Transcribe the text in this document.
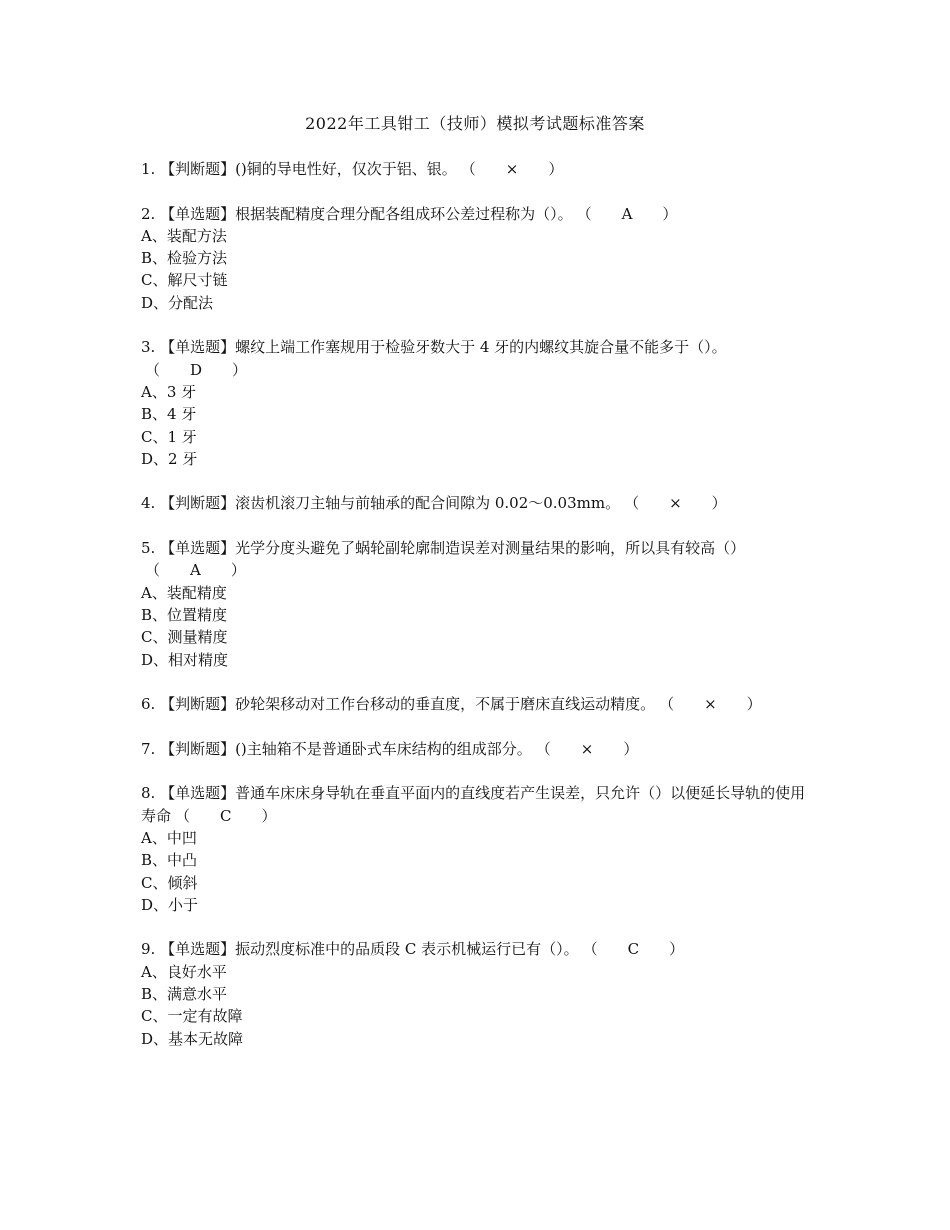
2022年工具钳工（技师）模拟考试题标准答案

1. 【判断题】()铜的导电性好，仅次于铝、银。 （　　×　　）

2. 【单选题】根据装配精度合理分配各组成环公差过程称为（）。 （　　A　　）

A、装配方法

B、检验方法

C、解尺寸链

D、分配法

3. 【单选题】螺纹上端工作塞规用于检验牙数大于 4 牙的内螺纹其旋合量不能多于（）。（　　D　　）

A、3 牙

B、4 牙

C、1 牙

D、2 牙

4. 【判断题】滚齿机滚刀主轴与前轴承的配合间隙为 0.02～0.03mm。 （　　×　　）

5. 【单选题】光学分度头避免了蜗轮副轮廓制造误差对测量结果的影响，所以具有较高（）（　　A　　）

A、装配精度

B、位置精度

C、测量精度

D、相对精度

6. 【判断题】砂轮架移动对工作台移动的垂直度，不属于磨床直线运动精度。 （　　×　　）

7. 【判断题】()主轴箱不是普通卧式车床结构的组成部分。 （　　×　　）

8. 【单选题】普通车床床身导轨在垂直平面内的直线度若产生误差，只允许（）以便延长导轨的使用寿命 （　　C　　）

A、中凹

B、中凸

C、倾斜

D、小于

9. 【单选题】振动烈度标准中的品质段 C 表示机械运行已有（）。 （　　C　　）

A、良好水平

B、满意水平

C、一定有故障

D、基本无故障
